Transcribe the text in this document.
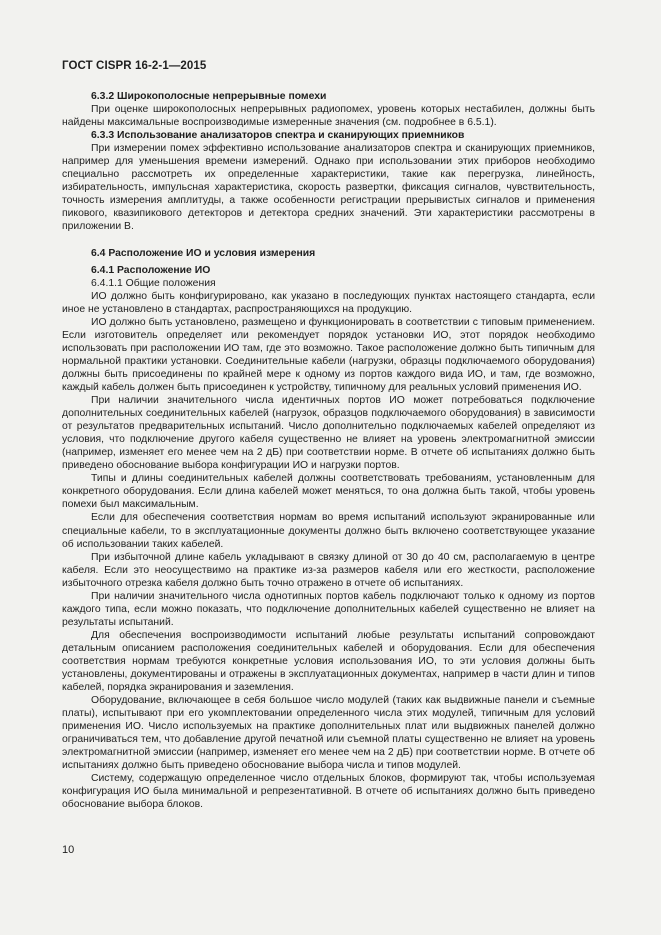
ГОСТ CISPR 16-2-1—2015

6.3.2 Широкополосные непрерывные помехи

При оценке широкополосных непрерывных радиопомех, уровень которых нестабилен, должны быть найдены максимальные воспроизводимые измеренные значения (см. подробнее в 6.5.1).

6.3.3 Использование анализаторов спектра и сканирующих приемников

При измерении помех эффективно использование анализаторов спектра и сканирующих приемников, например для уменьшения времени измерений. Однако при использовании этих приборов необходимо специально рассмотреть их определенные характеристики, такие как перегрузка, линейность, избирательность, импульсная характеристика, скорость развертки, фиксация сигналов, чувствительность, точность измерения амплитуды, а также особенности регистрации прерывистых сигналов и применения пикового, квазипикового детекторов и детектора средних значений. Эти характеристики рассмотрены в приложении В.

6.4 Расположение ИО и условия измерения

6.4.1 Расположение ИО

6.4.1.1 Общие положения

ИО должно быть конфигурировано, как указано в последующих пунктах настоящего стандарта, если иное не установлено в стандартах, распространяющихся на продукцию.

ИО должно быть установлено, размещено и функционировать в соответствии с типовым применением. Если изготовитель определяет или рекомендует порядок установки ИО, этот порядок необходимо использовать при расположении ИО там, где это возможно. Такое расположение должно быть типичным для нормальной практики установки. Соединительные кабели (нагрузки, образцы подключаемого оборудования) должны быть присоединены по крайней мере к одному из портов каждого вида ИО, и там, где возможно, каждый кабель должен быть присоединен к устройству, типичному для реальных условий применения ИО.

При наличии значительного числа идентичных портов ИО может потребоваться подключение дополнительных соединительных кабелей (нагрузок, образцов подключаемого оборудования) в зависимости от результатов предварительных испытаний. Число дополнительно подключаемых кабелей определяют из условия, что подключение другого кабеля существенно не влияет на уровень электромагнитной эмиссии (например, изменяет его менее чем на 2 дБ) при соответствии норме. В отчете об испытаниях должно быть приведено обоснование выбора конфигурации ИО и нагрузки портов.

Типы и длины соединительных кабелей должны соответствовать требованиям, установленным для конкретного оборудования. Если длина кабелей может меняться, то она должна быть такой, чтобы уровень помехи был максимальным.

Если для обеспечения соответствия нормам во время испытаний используют экранированные или специальные кабели, то в эксплуатационные документы должно быть включено соответствующее указание об использовании таких кабелей.

При избыточной длине кабель укладывают в связку длиной от 30 до 40 см, располагаемую в центре кабеля. Если это неосуществимо на практике из-за размеров кабеля или его жесткости, расположение избыточного отрезка кабеля должно быть точно отражено в отчете об испытаниях.

При наличии значительного числа однотипных портов кабель подключают только к одному из портов каждого типа, если можно показать, что подключение дополнительных кабелей существенно не влияет на результаты испытаний.

Для обеспечения воспроизводимости испытаний любые результаты испытаний сопровождают детальным описанием расположения соединительных кабелей и оборудования. Если для обеспечения соответствия нормам требуются конкретные условия использования ИО, то эти условия должны быть установлены, документированы и отражены в эксплуатационных документах, например в части длин и типов кабелей, порядка экранирования и заземления.

Оборудование, включающее в себя большое число модулей (таких как выдвижные панели и съемные платы), испытывают при его укомплектовании определенного числа этих модулей, типичным для условий применения ИО. Число используемых на практике дополнительных плат или выдвижных панелей должно ограничиваться тем, что добавление другой печатной или съемной платы существенно не влияет на уровень электромагнитной эмиссии (например, изменяет его менее чем на 2 дБ) при соответствии норме. В отчете об испытаниях должно быть приведено обоснование выбора числа и типов модулей.

Систему, содержащую определенное число отдельных блоков, формируют так, чтобы используемая конфигурация ИО была минимальной и репрезентативной. В отчете об испытаниях должно быть приведено обоснование выбора блоков.

10
